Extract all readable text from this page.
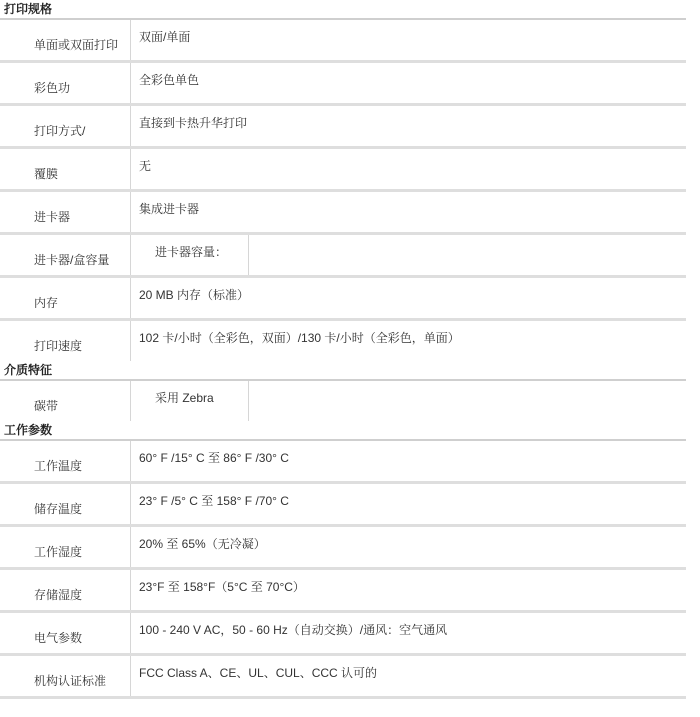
打印规格
单面或双面打印
双面/单面
彩色功
全彩色单色
打印方式/
直接到卡热升华打印
覆膜
无
进卡器
集成进卡器
进卡器/盒容量
进卡器容量：
内存
20 MB 内存（标准）
打印速度
102 卡/小时（全彩色，双面）/130 卡/小时（全彩色，单面）
介质特征
碳带
采用 Zebra
工作参数
工作温度
60° F /15° C 至 86° F /30° C
储存温度
23° F /5° C 至 158° F /70° C
工作湿度
20% 至 65%（无冷凝）
存储湿度
23°F 至 158°F（5°C 至 70°C）
电气参数
100 - 240 V AC，50 - 60 Hz（自动交换）/通风：空气通风
机构认证标准
FCC Class A、CE、UL、CUL、CCC 认可的
